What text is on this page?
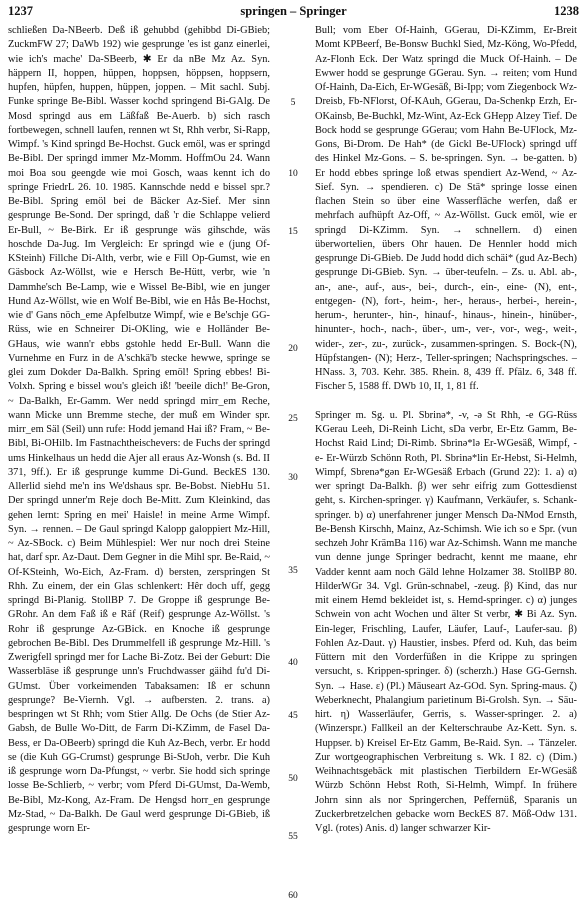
1237	springen – Springer	1238

schließen Da-NBeerb. Deß iß gehubbd (gehibbd Di-GBieb; ZuckmFW 27; DaWb 192) wie gesprunge 'es ist ganz einerlei, wie ich's mache' Da-SBeerb, ✱ Er da nBe Mz Az. Syn. häppern II, hoppen, hüppen, hoppsen, höppsen, hoppsern, hupfen, hüpfen, huppen, hüppen, joppen. – Mit sachl. Subj. Funke springe Be-Bibl. Wasser kochd springend Bi-GAlg. De Mosd springd aus em Läßfaß Be-Auerb. b) sich rasch fortbewegen, schnell laufen, rennen wt St, Rhh verbr, Si-Rapp, Wimpf. 's Kind springd Be-Hochst. Guck emöl, was er springd Be-Bibl. Der springd immer Mz-Momm. HoffmOu 24. Wann moi Boa sou geengde wie moi Gosch, waas kennt ich do springe FriedrL 26. 10. 1985. Kannschde nedd e bissel spr.? Be-Bibl. Spring emöl bei de Bäcker Az-Sief. Mer sinn gesprunge Be-Sond. Der springd, daß 'r die Schlappe velierd Er-Bull, ~ Be-Birk. Er iß gesprunge wäs gihschde, wäs hoschde Da-Jug. Im Vergleich: Er springd wie e (jung Of-KSteinh) Fillche Di-Alth, verbr, wie e Fill Op-Gumst, wie en Gäsbock Az-Wöllst, wie e Hersch Be-Hütt, verbr, wie 'n Dammhe'sch Be-Lamp, wie e Wissel Be-Bibl, wie en junger Hund Az-Wöllst, wie en Wolf Be-Bibl, wie en Hås Be-Hochst, wie d' Gans nöch_eme Apfelbutze Wimpf, wie e Be'schje GG-Rüss, wie en Schneirer Di-OKling, wie e Holländer Be-GHaus, wie wann'r ebbs gstohle hedd Er-Bull. Wann die Vurnehme en Furz in de A'schkä'b stecke hewwe, springe se glei zum Dokder Da-Balkh. Spring emöl! Spring ebbes! Bi-Volxh. Spring e bissel wou's gleich iß! 'beeile dich!' Be-Gron, ~ Da-Balkh, Er-Gamm. Wer nedd springd mirr_em Reche, wann Micke unn Bremme steche, der muß em Winder spr. mirr_em Säl (Seil) unn rufe: Hodd jemand Hai iß? Fram, ~ Be-Bibl, Bi-OHilb. Im Fastnachtheischevers: de Fuchs der springd ums Hinkelhaus un hedd die Ajer all eraus Az-Wonsh (s. Bd. II 371, 9ff.). Er iß gesprunge kumme Di-Gund. BeckES 130. Allerlid siehd me'n ins We'dshaus spr. Be-Bobst. NiebHu 51. Der springd unner'm Reje doch Be-Mitt. Zum Kleinkind, das gehen lernt: Spring en mei' Haisle! in meine Arme Wimpf. Syn. → rennen. – De Gaul springd Kalopp galoppiert Mz-Hill, ~ Az-SBock. c) Beim Mühlespiel: Wer nur noch drei Steine hat, darf spr. Az-Daut. Dem Gegner in die Mihl spr. Be-Raid, ~ Of-KSteinh, Wo-Eich, Az-Fram. d) bersten, zerspringen St Rhh. Zu einem, der ein Glas schlenkert: Hêr doch uff, gegg springd Bi-Planig. StollBP 7. De Groppe iß gesprunge Be-GRohr. An dem Faß iß e Räf (Reif) gesprunge Az-Wöllst. 's Rohr iß gesprunge Az-GBick. en Knoche iß gesprunge gebrochen Be-Bibl. Des Drummelfell iß gesprunge Mz-Hill. 's Zwerigfell springd mer for Lache Bi-Zotz. Bei der Geburt: Die Wasserbläse iß gesprunge unn's Fruchdwasser gäihd fu'd Di-GUmst. Über vorkeimenden Tabaksamen: Iß er schunn gesprunge? Be-Viernh. Vgl. → aufbersten. 2. trans. a) bespringen wt St Rhh; vom Stier Allg. De Ochs (de Stier Az-Gabsh, de Bulle Wo-Ditt, de Farrn Di-KZimm, de Fasel Da-Bess, er Da-OBeerb) springd die Kuh Az-Bech, verbr. Er hodd se (die Kuh GG-Crumst) gesprunge Bi-StJoh, verbr. Die Kuh iß gesprunge worn Da-Pfungst, ~ verbr. Sie hodd sich springe losse Be-Schlierb, ~ verbr; vom Pferd Di-GUmst, Da-Wemb, Be-Bibl, Mz-Kong, Az-Fram. De Hengsd horr_en gesprunge Mz-Stad, ~ Da-Balkh. De Gaul werd gesprunge Di-GBieb, iß gesprunge worn Er-

5
10
15
20
25
30
35
40
45
50
55
60

Bull; vom Eber Of-Hainh, GGerau, Di-KZimm, Er-Breit Momt KPBeerf, Be-Bonsw Buchkl Sied, Mz-Köng, Wo-Pfedd, Az-Flonh Eck. Der Watz springd die Muck Of-Hainh. – De Ewwer hodd se gesprunge GGerau. Syn. → reiten; vom Hund Of-Hainh, Da-Eich, Er-WGesäß, Bi-Ipp; vom Ziegenbock Wz-Dreisb, Fb-NFlorst, Of-KAuh, GGerau, Da-Schenkp Erzh, Er-OKainsb, Be-Buchkl, Mz-Wint, Az-Eck GHepp Alzey Tief. De Bock hodd se gesprunge GGerau; vom Hahn Be-UFlock, Mz-Gons, Bi-Drom. De Hah* (de Gickl Be-UFlock) springd uff des Hinkel Mz-Gons. – S. be-springen. Syn. → be-gatten. b) Er hodd ebbes springe loß etwas spendiert Az-Wend, ~ Az-Sief. Syn. → spendieren. c) De Stä* springe losse einen flachen Stein so über eine Wasserfläche werfen, daß er mehrfach aufhüpft Az-Off, ~ Az-Wöllst. Guck emöl, wie er springd Di-KZimm. Syn. → schnellern. d) einen überwortelien, übers Ohr hauen. De Hennler hodd mich gesprunge Di-GBieb. De Judd hodd dich schäi* (gud Az-Bech) gesprunge Di-GBieb. Syn. → über-teufeln. – Zs. u. Abl. ab-, an-, ane-, auf-, aus-, bei-, durch-, ein-, eine- (N), ent-, entgegen- (N), fort-, heim-, her-, heraus-, herbei-, herein-, herum-, herunter-, hin-, hinauf-, hinaus-, hinein-, hinüber-, hinunter-, hoch-, nach-, über-, um-, ver-, vor-, weg-, weit-, wider-, zer-, zu-, zurück-, zusammen-springen. S. Bock-(N), Hüpfstangen- (N); Herz-, Teller-springen; Nachspringsches. – HNass. 3, 703. Kehr. 385. Rhein. 8, 439 ff. Pfälz. 6, 348 ff. Fischer 5, 1588 ff. DWb 10, II, 1, 81 ff.

Springer m. Sg. u. Pl. Sbrinə*, -v, -ə St Rhh, -e GG-Rüss KGerau Leeh, Di-Reinh Licht, sDa verbr, Er-Etz Gamm, Be-Hochst Raid Lind; Di-Rimb. Sbrinə*lə Er-WGesäß, Wimpf, -e- Er-Würzb Schönn Roth, Pl. Sbrinə*lin Er-Hebst, Si-Helmh, Wimpf, Sbrenə*gən Er-WGesäß Erbach (Grund 22): 1. a) α) wer springt Da-Balkh. β) wer sehr eifrig zum Gottesdienst geht, s. Kirchen-springer. γ) Kaufmann, Verkäufer, s. Schank-springer. b) α) unerfahrener junger Mensch Da-NMod Ernsth, Be-Bensh Kirschh, Mainz, Az-Schimsh. Wie ich so e Spr. (vun sechzeh Johr KrämBa 116) war Az-Schimsh. Wann me manche vun denne junge Springer bedracht, kennt me maane, ehr Vadder kennt aam noch Gäld lehne Holzamer 38. StollBP 80. HilderWGr 34. Vgl. Grün-schnabel, -zeug. β) Kind, das nur mit einem Hemd bekleidet ist, s. Hemd-springer. c) α) junges Schwein von acht Wochen und älter St verbr, ✱ Bi Az. Syn. Ein-leger, Frischling, Laufer, Läufer, Lauf-, Laufer-sau. β) Fohlen Az-Daut. γ) Haustier, insbes. Pferd od. Kuh, das beim Füttern mit den Vorderfüßen in die Krippe zu springen versucht, s. Krippen-springer. δ) (scherzh.) Hase GG-Gernsh. Syn. → Hase. ε) (Pl.) Mäuseart Az-GOd. Syn. Spring-maus. ζ) Weberknecht, Phalangium parietinum Bi-Grolsh. Syn. → Säu-hirt. η) Wasserläufer, Gerris, s. Wasser-springer. 2. a) (Winzerspr.) Fallkeil an der Kelterschraube Az-Kett. Syn. s. Huppser. b) Kreisel Er-Etz Gamm, Be-Raid. Syn. → Tänzeler. Zur wortgeographischen Verbreitung s. Wk. I 82. c) (Dim.) Weihnachtsgebäck mit plastischen Tierbildern Er-WGesäß Würzb Schönn Hebst Roth, Si-Helmh, Wimpf. In frühere Johrn sinn als nor Springerchen, Peffernüß, Sparanis un Zuckerbretzelchen gebacke worn BeckES 87. Möß-Odw 131. Vgl. (rotes) Anis. d) langer schwarzer Kir-
